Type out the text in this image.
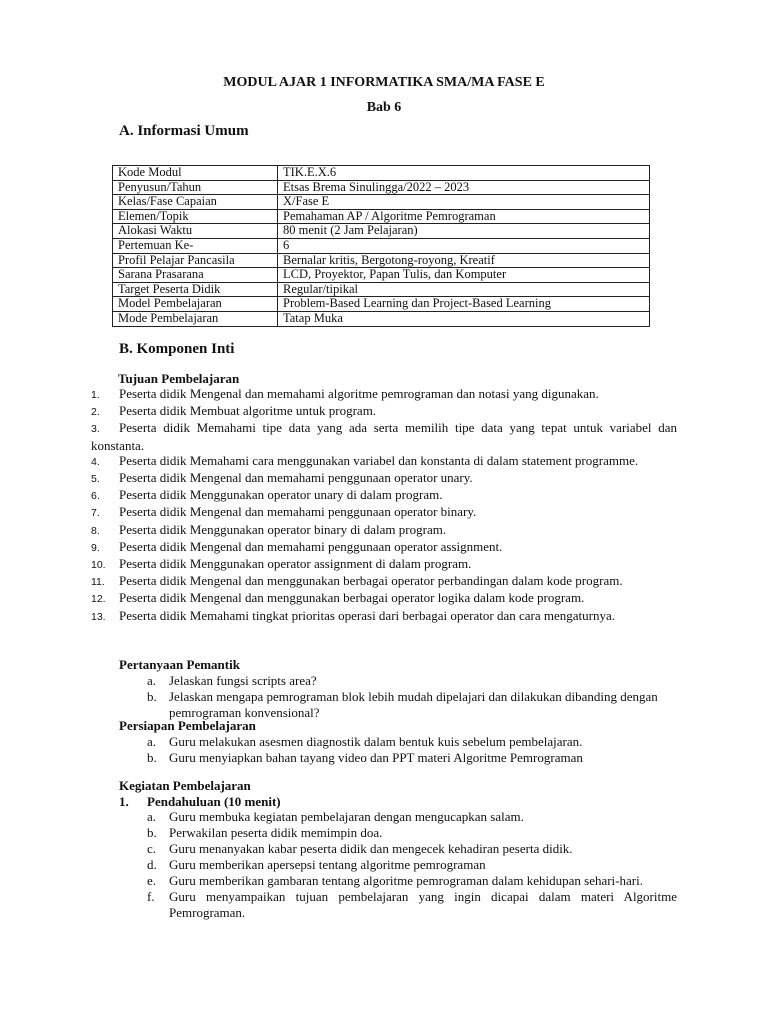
MODUL AJAR 1 INFORMATIKA SMA/MA FASE E
Bab 6
A. Informasi Umum
Kode Modul	TIK.E.X.6
Penyusun/Tahun	Etsas Brema Sinulingga/2022 – 2023
Kelas/Fase Capaian	X/Fase E
Elemen/Topik	Pemahaman AP / Algoritme Pemrograman
Alokasi Waktu	80 menit (2 Jam Pelajaran)
Pertemuan Ke-	6
Profil Pelajar Pancasila	Bernalar kritis, Bergotong-royong, Kreatif
Sarana Prasarana	LCD, Proyektor, Papan Tulis, dan Komputer
Target Peserta Didik	Regular/tipikal
Model Pembelajaran	Problem-Based Learning dan Project-Based Learning
Mode Pembelajaran	Tatap Muka
B. Komponen Inti
Tujuan Pembelajaran
1. Peserta didik Mengenal dan memahami algoritme pemrograman dan notasi yang digunakan.
2. Peserta didik Membuat algoritme untuk program.
3. Peserta didik Memahami tipe data yang ada serta memilih tipe data yang tepat untuk variabel dan konstanta.
4. Peserta didik Memahami cara menggunakan variabel dan konstanta di dalam statement programme.
5. Peserta didik Mengenal dan memahami penggunaan operator unary.
6. Peserta didik Menggunakan operator unary di dalam program.
7. Peserta didik Mengenal dan memahami penggunaan operator binary.
8. Peserta didik Menggunakan operator binary di dalam program.
9. Peserta didik Mengenal dan memahami penggunaan operator assignment.
10. Peserta didik Menggunakan operator assignment di dalam program.
11. Peserta didik Mengenal dan menggunakan berbagai operator perbandingan dalam kode program.
12. Peserta didik Mengenal dan menggunakan berbagai operator logika dalam kode program.
13. Peserta didik Memahami tingkat prioritas operasi dari berbagai operator dan cara mengaturnya.
Pertanyaan Pemantik
a. Jelaskan fungsi scripts area?
b. Jelaskan mengapa pemrograman blok lebih mudah dipelajari dan dilakukan dibanding dengan pemrograman konvensional?
Persiapan Pembelajaran
a. Guru melakukan asesmen diagnostik dalam bentuk kuis sebelum pembelajaran.
b. Guru menyiapkan bahan tayang video dan PPT materi Algoritme Pemrograman
Kegiatan Pembelajaran
1. Pendahuluan (10 menit)
a. Guru membuka kegiatan pembelajaran dengan mengucapkan salam.
b. Perwakilan peserta didik memimpin doa.
c. Guru menanyakan kabar peserta didik dan mengecek kehadiran peserta didik.
d. Guru memberikan apersepsi tentang algoritme pemrograman
e. Guru memberikan gambaran tentang algoritme pemrograman dalam kehidupan sehari-hari.
f. Guru menyampaikan tujuan pembelajaran yang ingin dicapai dalam materi Algoritme Pemrograman.
